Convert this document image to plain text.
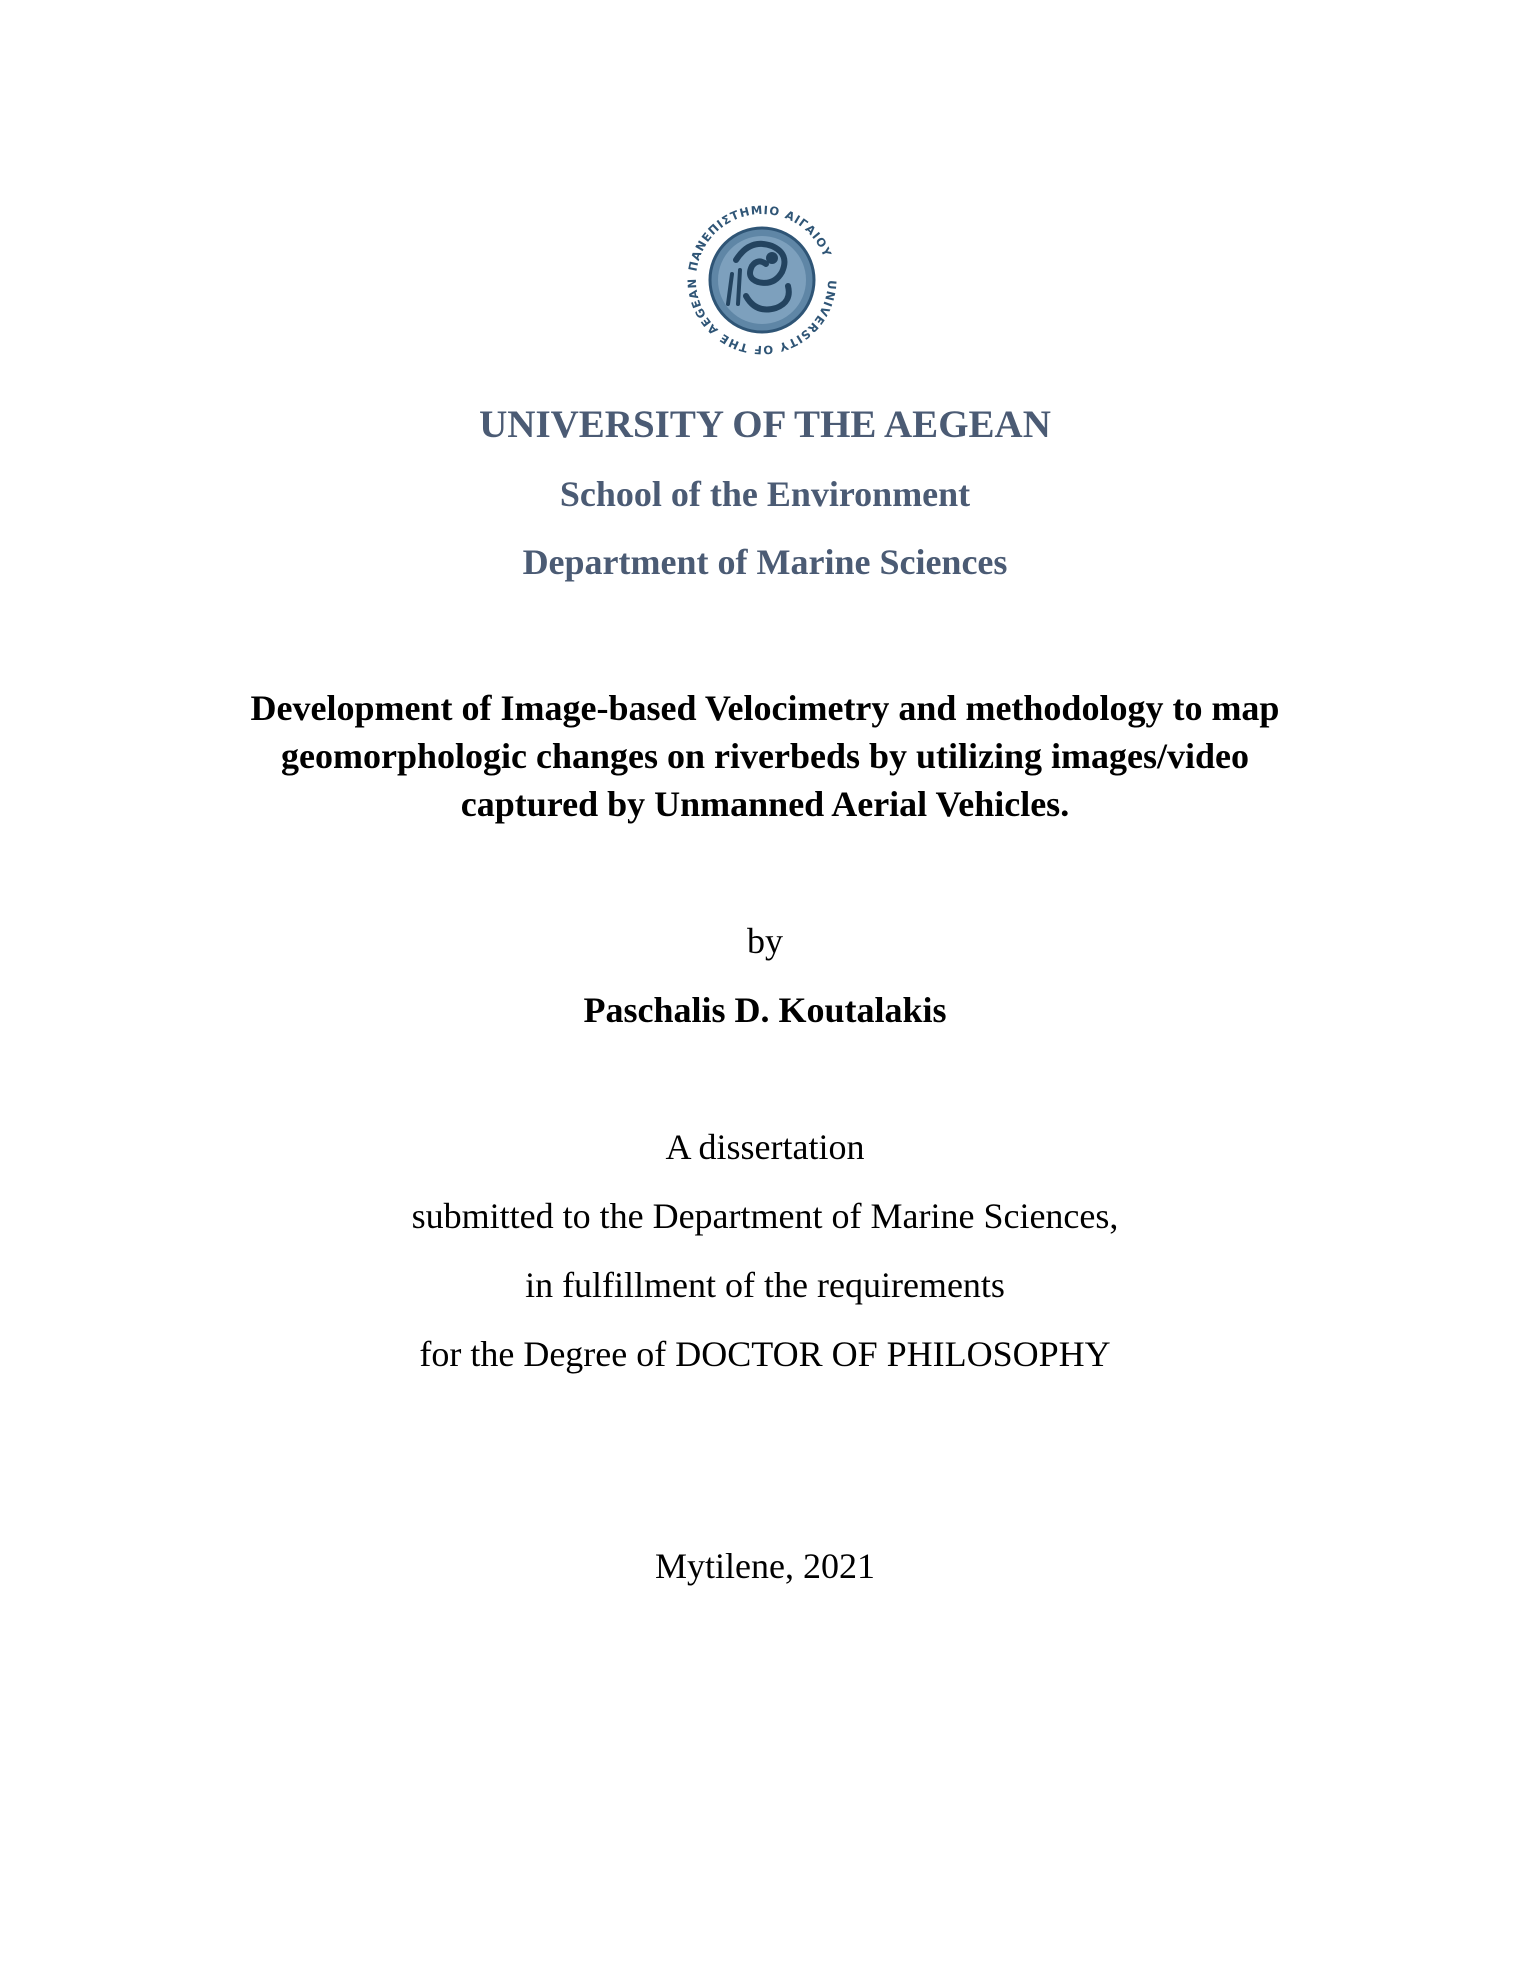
ΠΑΝΕΠΙΣΤΗΜΙΟ ΑΙΓΑΙΟΥ
UNIVERSITY OF THE AEGEAN
UNIVERSITY OF THE AEGEAN
School of the Environment
Department of Marine Sciences
Development of Image-based Velocimetry and methodology to map
geomorphologic changes on riverbeds by utilizing images/video
captured by Unmanned Aerial Vehicles.
by
Paschalis D. Koutalakis
A dissertation
submitted to the Department of Marine Sciences,
in fulfillment of the requirements
for the Degree of DOCTOR OF PHILOSOPHY
Mytilene, 2021
